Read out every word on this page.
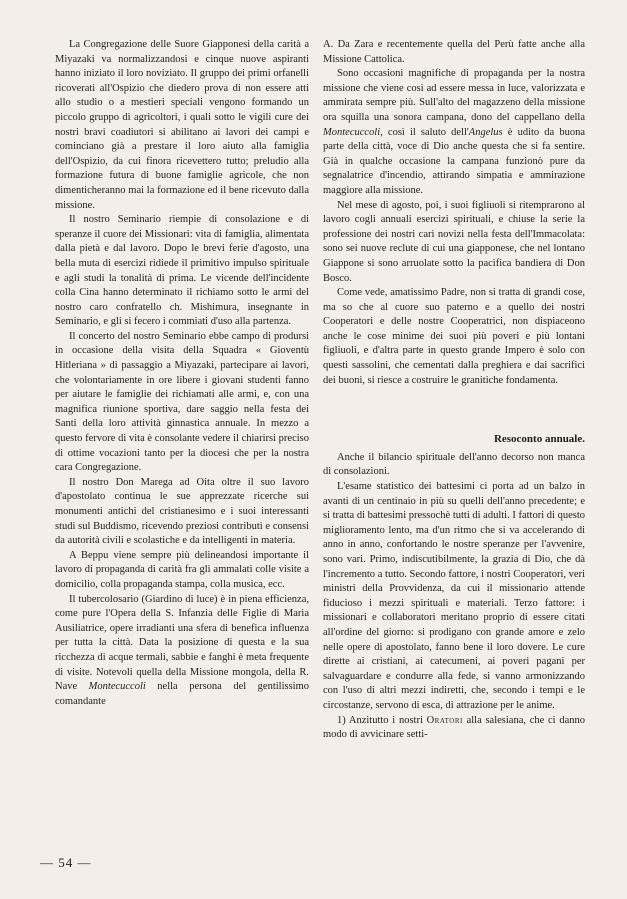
La Congregazione delle Suore Giapponesi della carità a Miyazaki va normalizzandosi e cinque nuove aspiranti hanno iniziato il loro noviziato. Il gruppo dei primi orfanelli ricoverati all'Ospizio che diedero prova di non essere atti allo studio o a mestieri speciali vengono formando un piccolo gruppo di agricoltori, i quali sotto le vigili cure dei nostri bravi coadiutori si abilitano ai lavori dei campi e cominciano già a prestare il loro aiuto alla famiglia dell'Ospizio, da cui finora ricevettero tutto; preludio alla formazione futura di buone famiglie agricole, che non dimenticheranno mai la formazione ed il bene ricevuto dalla missione.

Il nostro Seminario riempie di consolazione e di speranze il cuore dei Missionari: vita di famiglia, alimentata dalla pietà e dal lavoro. Dopo le brevi ferie d'agosto, una bella muta di esercizi ridiede il primitivo impulso spirituale e agli studi la tonalità di prima. Le vicende dell'incidente colla Cina hanno determinato il richiamo sotto le armi del nostro caro confratello ch. Mishimura, insegnante in Seminario, e gli si fecero i commiati d'uso alla partenza.

Il concerto del nostro Seminario ebbe campo di prodursi in occasione della visita della Squadra « Gioventù Hitleriana » di passaggio a Miyazaki, partecipare ai lavori, che volontariamente in ore libere i giovani studenti fanno per aiutare le famiglie dei richiamati alle armi, e, con una magnifica riunione sportiva, dare saggio nella festa dei Santi della loro attività ginnastica annuale. In mezzo a questo fervore di vita è consolante vedere il chiarirsi preciso di ottime vocazioni tanto per la diocesi che per la nostra cara Congregazione.

Il nostro Don Marega ad Oita oltre il suo lavoro d'apostolato continua le sue apprezzate ricerche sui monumenti antichi del cristianesimo e i suoi interessanti studi sul Buddismo, ricevendo preziosi contributi e consensi da autorità civili e scolastiche e da intelligenti in materia.

A Beppu viene sempre più delineandosi importante il lavoro di propaganda di carità fra gli ammalati colle visite a domicilio, colla propaganda stampa, colla musica, ecc.

Il tubercolosario (Giardino di luce) è in piena efficienza, come pure l'Opera della S. Infanzia delle Figlie di Maria Ausiliatrice, opere irradianti una sfera di benefica influenza per tutta la città. Data la posizione di questa e la sua ricchezza di acque termali, sabbie e fanghi è meta frequente di visite. Notevoli quella della Missione mongola, della R. Nave Montecuccoli nella persona del gentilissimo comandante

A. Da Zara e recentemente quella del Perù fatte anche alla Missione Cattolica.

Sono occasioni magnifiche di propaganda per la nostra missione che viene così ad essere messa in luce, valorizzata e ammirata sempre più. Sull'alto del magazzeno della missione ora squilla una sonora campana, dono del cappellano della Montecuccoli, così il saluto dell'Angelus è udito da buona parte della città, voce di Dio anche questa che si fa sentire. Già in qualche occasione la campana funzionò pure da segnalatrice d'incendio, attirando simpatia e ammirazione maggiore alla missione.

Nel mese di agosto, poi, i suoi figliuoli si ritemprarono al lavoro cogli annuali esercizi spirituali, e chiuse la serie la professione dei nostri cari novizi nella festa dell'Immacolata: sono sei nuove reclute di cui una giapponese, che nel lontano Giappone si sono arruolate sotto la pacifica bandiera di Don Bosco.

Come vede, amatissimo Padre, non si tratta di grandi cose, ma so che al cuore suo paterno e a quello dei nostri Cooperatori e delle nostre Cooperatrici, non dispiaceono anche le cose minime dei suoi più poveri e più lontani figliuoli, e d'altra parte in questo grande Impero è solo con questi sassolini, che cementati dalla preghiera e dai sacrifici dei buoni, si riesce a costruire le granitiche fondamenta.

Resoconto annuale.

Anche il bilancio spirituale dell'anno decorso non manca di consolazioni.

L'esame statistico dei battesimi ci porta ad un balzo in avanti di un centinaio in più su quelli dell'anno precedente; e si tratta di battesimi pressochè tutti di adulti. I fattori di questo miglioramento lento, ma d'un ritmo che si va accelerando di anno in anno, confortando le nostre speranze per l'avvenire, sono vari. Primo, indiscutibilmente, la grazia di Dio, che dà l'incremento a tutto. Secondo fattore, i nostri Cooperatori, veri ministri della Provvidenza, da cui il missionario attende fiducioso i mezzi spirituali e materiali. Terzo fattore: i missionari e collaboratori meritano proprio di essere citati all'ordine del giorno: si prodigano con grande amore e zelo nelle opere di apostolato, fanno bene il loro dovere. Le cure dirette ai cristiani, ai catecumeni, ai poveri pagani per salvaguardare e condurre alla fede, si vanno armonizzando con l'uso di altri mezzi indiretti, che, secondo i tempi e le circostanze, servono di esca, di attrazione per le anime.

1) Anzitutto i nostri Oratori alla salesiana, che ci danno modo di avvicinare setti-

— 54 —
